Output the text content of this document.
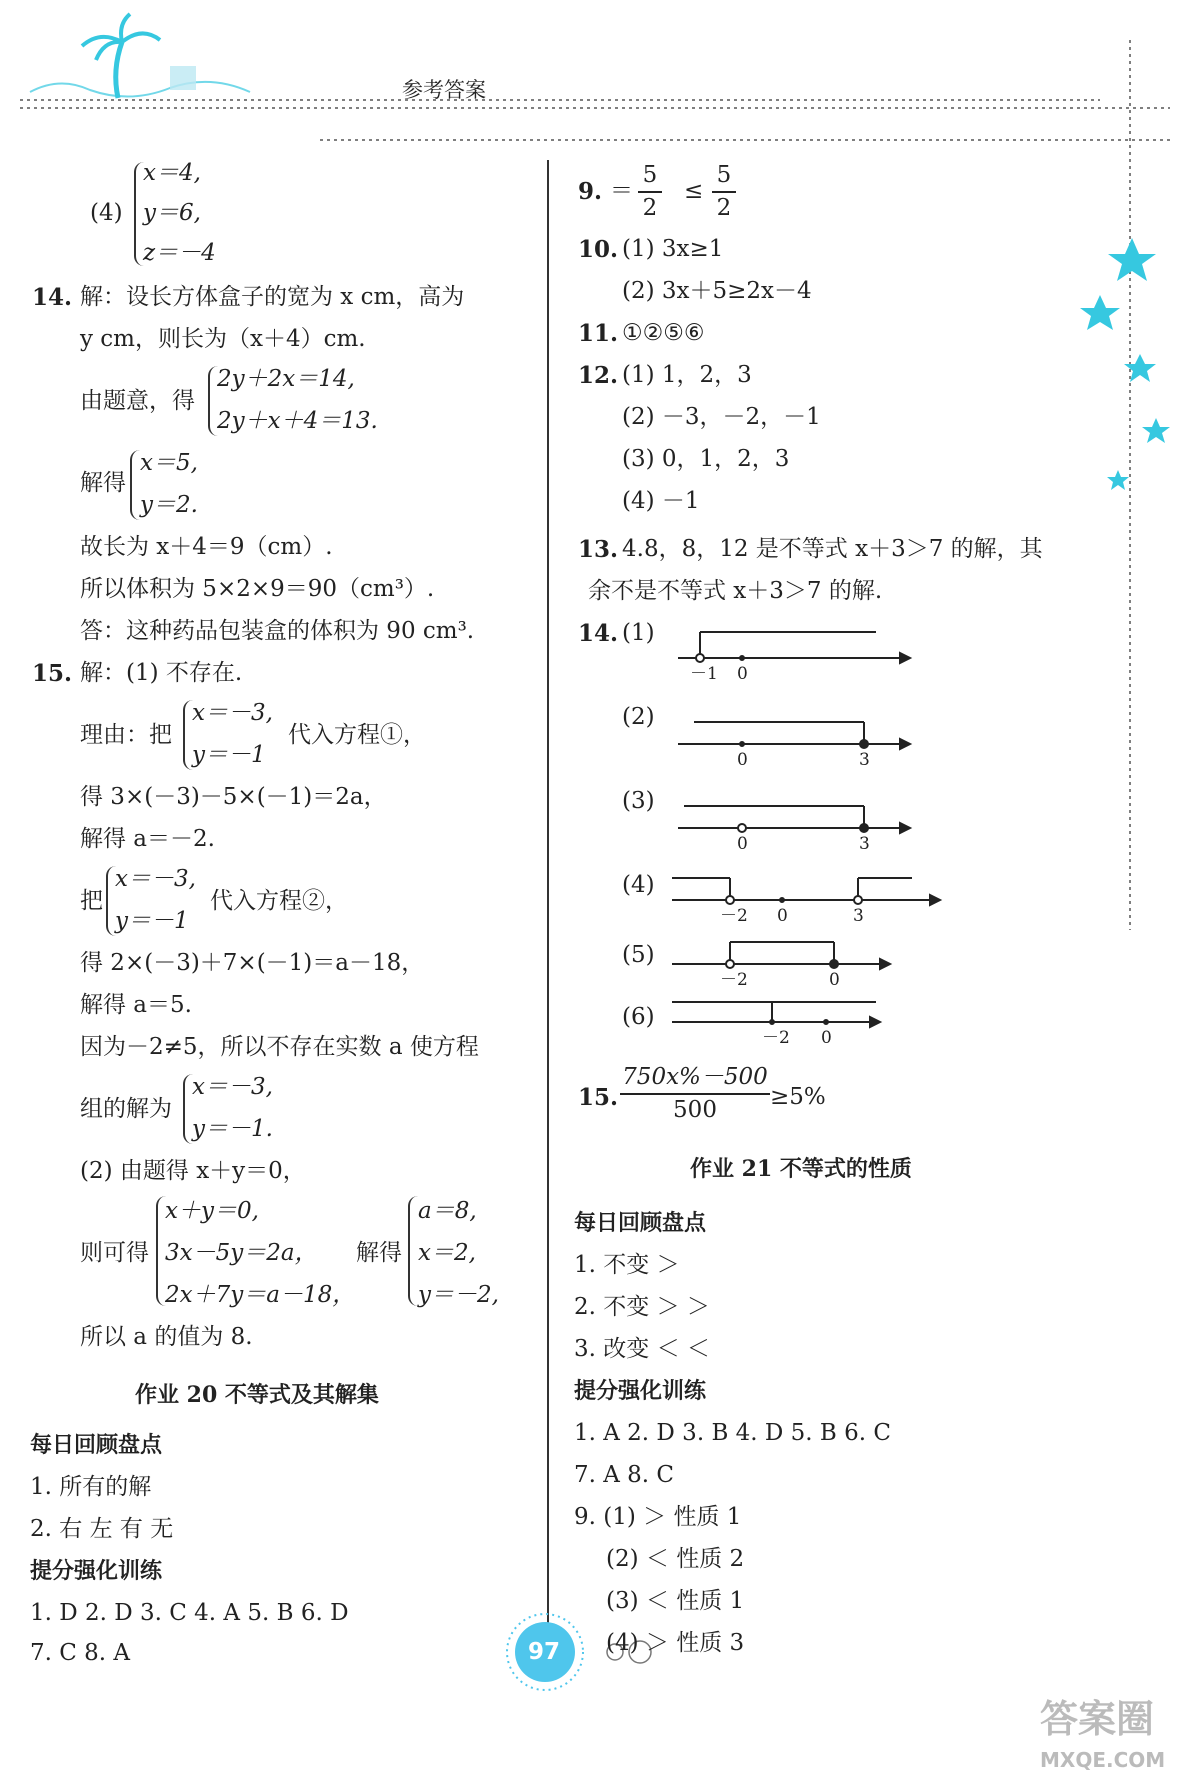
参考答案
97
答案圈
MXQE.COM
(4)
x＝4,
y＝6,
z＝－4
14. 解：设长方体盒子的宽为 x cm，高为
y cm，则长为（x＋4）cm.
由题意，得
2y＋2x＝14,
2y＋x＋4＝13.
解得
x＝5,
y＝2.
故长为 x＋4＝9（cm）.
所以体积为 5×2×9＝90（cm³）.
答：这种药品包装盒的体积为 90 cm³.
15. 解：(1) 不存在.
理由：把
x＝－3,
y＝－1
代入方程①，
得 3×(－3)－5×(－1)＝2a，
解得 a＝－2.
把
x＝－3,
y＝－1
代入方程②，
得 2×(－3)＋7×(－1)＝a－18，
解得 a＝5.
因为－2≠5，所以不存在实数 a 使方程
组的解为
x＝－3,
y＝－1.
(2) 由题得 x＋y＝0，
则可得
x＋y＝0,
3x－5y＝2a，
2x＋7y＝a－18，
解得
a＝8,
x＝2,
y＝－2,
所以 a 的值为 8.
作业 20 不等式及其解集
每日回顾盘点
1. 所有的解
2. 右 左 有 无
提分强化训练
1. D 2. D 3. C 4. A 5. B 6. D
7. C 8. A
9. ＝
5
2
≤
5
2
10. (1) 3x≥1
(2) 3x＋5≥2x－4
11. ①②⑤⑥
12. (1) 1，2，3
(2) －3，－2，－1
(3) 0，1，2，3
(4) －1
13. 4.8，8，12 是不等式 x＋3＞7 的解，其
余不是不等式 x＋3＞7 的解.
14. (1)
(2)
(3)
(4)
(5)
(6)
－1 0
0	3
0	3
－2 0	3
－2	0
－2 0
15.
750x%－500
500	≥5%
作业 21 不等式的性质
每日回顾盘点
1. 不变 ＞
2. 不变 ＞ ＞
3. 改变 ＜ ＜
提分强化训练
1. A 2. D 3. B 4. D 5. B 6. C
7. A 8. C
9. (1) ＞ 性质 1
(2) ＜ 性质 2
(3) ＜ 性质 1
(4) ＞ 性质 3
